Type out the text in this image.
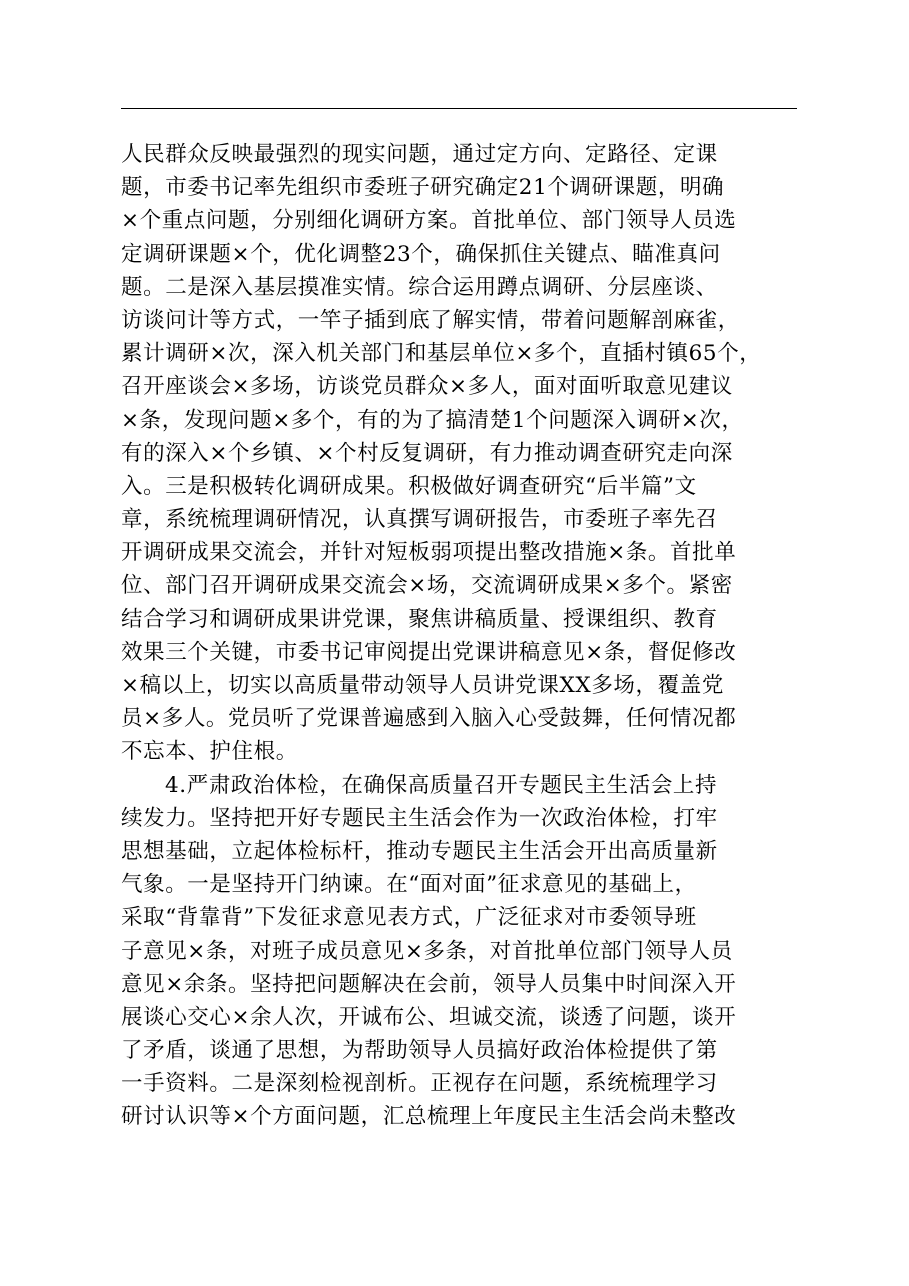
人民群众反映最强烈的现实问题，通过定方向、定路径、定课
题，市委书记率先组织市委班子研究确定21个调研课题，明确
×个重点问题，分别细化调研方案。首批单位、部门领导人员选
定调研课题×个，优化调整23个，确保抓住关键点、瞄准真问
题。二是深入基层摸准实情。综合运用蹲点调研、分层座谈、
访谈问计等方式，一竿子插到底了解实情，带着问题解剖麻雀，
累计调研×次，深入机关部门和基层单位×多个，直插村镇65个，
召开座谈会×多场，访谈党员群众×多人，面对面听取意见建议
×条，发现问题×多个，有的为了搞清楚1个问题深入调研×次，
有的深入×个乡镇、×个村反复调研，有力推动调查研究走向深
入。三是积极转化调研成果。积极做好调查研究“后半篇”文
章，系统梳理调研情况，认真撰写调研报告，市委班子率先召
开调研成果交流会，并针对短板弱项提出整改措施×条。首批单
位、部门召开调研成果交流会×场，交流调研成果×多个。紧密
结合学习和调研成果讲党课，聚焦讲稿质量、授课组织、教育
效果三个关键，市委书记审阅提出党课讲稿意见×条，督促修改
×稿以上，切实以高质量带动领导人员讲党课XX多场，覆盖党
员×多人。党员听了党课普遍感到入脑入心受鼓舞，任何情况都
不忘本、护住根。
4.严肃政治体检，在确保高质量召开专题民主生活会上持
续发力。坚持把开好专题民主生活会作为一次政治体检，打牢
思想基础，立起体检标杆，推动专题民主生活会开出高质量新
气象。一是坚持开门纳谏。在“面对面”征求意见的基础上，
采取“背靠背”下发征求意见表方式，广泛征求对市委领导班
子意见×条，对班子成员意见×多条，对首批单位部门领导人员
意见×余条。坚持把问题解决在会前，领导人员集中时间深入开
展谈心交心×余人次，开诚布公、坦诚交流，谈透了问题，谈开
了矛盾，谈通了思想，为帮助领导人员搞好政治体检提供了第
一手资料。二是深刻检视剖析。正视存在问题，系统梳理学习
研讨认识等×个方面问题，汇总梳理上年度民主生活会尚未整改
